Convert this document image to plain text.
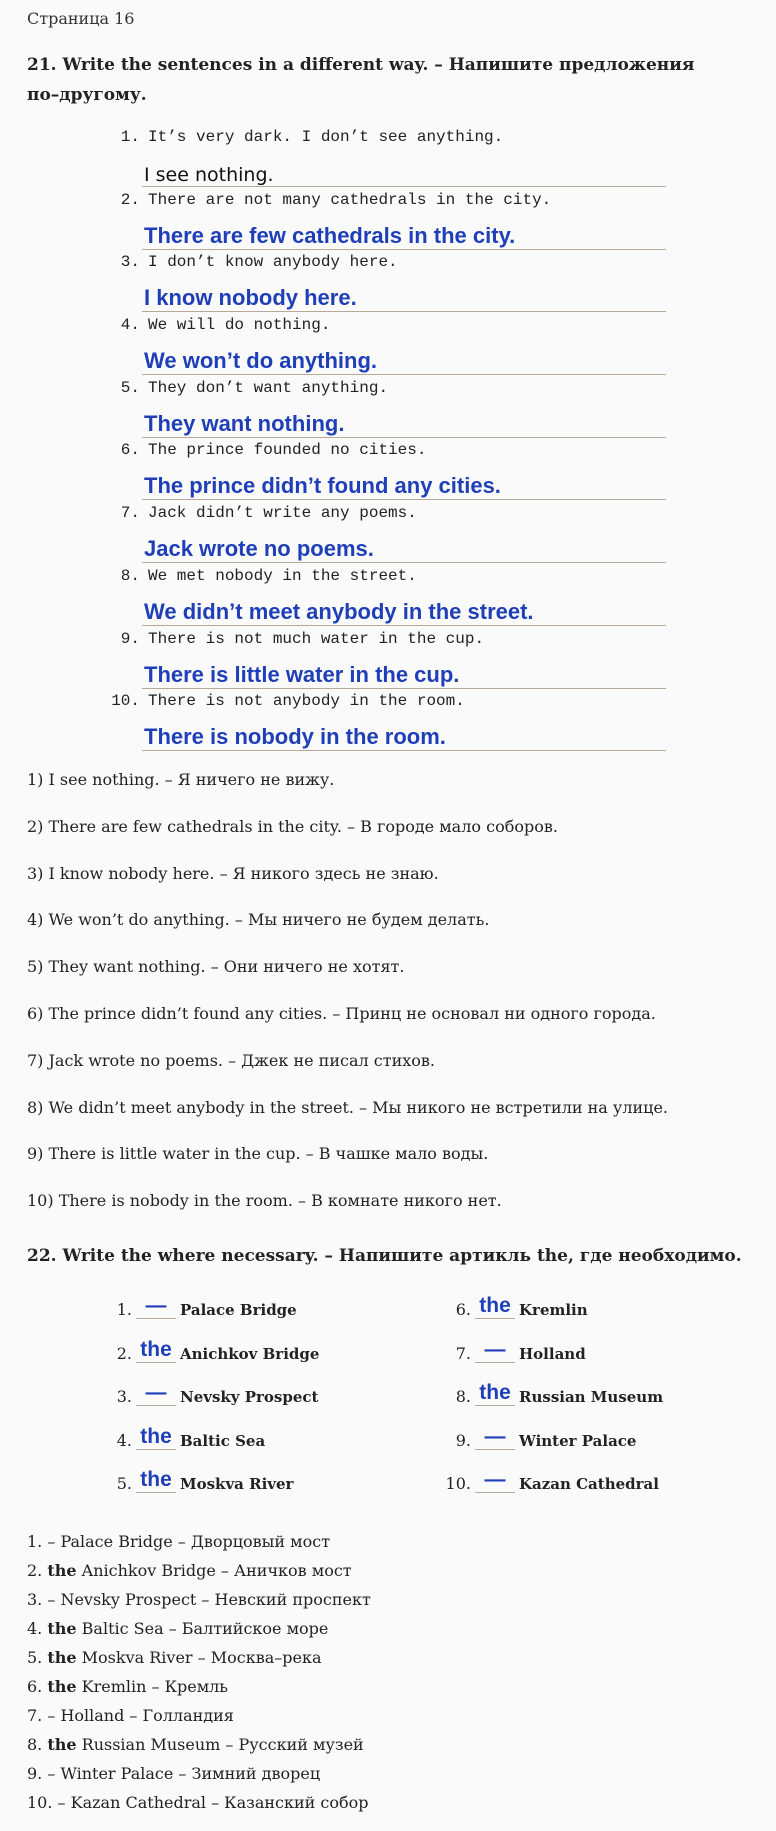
Страница 16
21. Write the sentences in a different way. – Напишите предложения
по–другому.
1. It’s very dark. I don’t see anything.
I see nothing.
2. There are not many cathedrals in the city.
There are few cathedrals in the city.
3. I don’t know anybody here.
I know nobody here.
4. We will do nothing.
We won’t do anything.
5. They don’t want anything.
They want nothing.
6. The prince founded no cities.
The prince didn’t found any cities.
7. Jack didn’t write any poems.
Jack wrote no poems.
8. We met nobody in the street.
We didn’t meet anybody in the street.
9. There is not much water in the cup.
There is little water in the cup.
10. There is not anybody in the room.
There is nobody in the room.
1) I see nothing. – Я ничего не вижу.
2) There are few cathedrals in the city. – В городе мало соборов.
3) I know nobody here. – Я никого здесь не знаю.
4) We won’t do anything. – Мы ничего не будем делать.
5) They want nothing. – Они ничего не хотят.
6) The prince didn’t found any cities. – Принц не основал ни одного города.
7) Jack wrote no poems. – Джек не писал стихов.
8) We didn’t meet anybody in the street. – Мы никого не встретили на улице.
9) There is little water in the cup. – В чашке мало воды.
10) There is nobody in the room. – В комнате никого нет.
22. Write the where necessary. – Напишите артикль the, где необходимо.
1. — Palace Bridge
2. the Anichkov Bridge
3. — Nevsky Prospect
4. the Baltic Sea
5. the Moskva River
6. the Kremlin
7. — Holland
8. the Russian Museum
9. — Winter Palace
10. — Kazan Cathedral
1. – Palace Bridge – Дворцовый мост
2. the Anichkov Bridge – Аничков мост
3. – Nevsky Prospect – Невский проспект
4. the Baltic Sea – Балтийское море
5. the Moskva River – Москва–река
6. the Kremlin – Кремль
7. – Holland – Голландия
8. the Russian Museum – Русский музей
9. – Winter Palace – Зимний дворец
10. – Kazan Cathedral – Казанский собор
